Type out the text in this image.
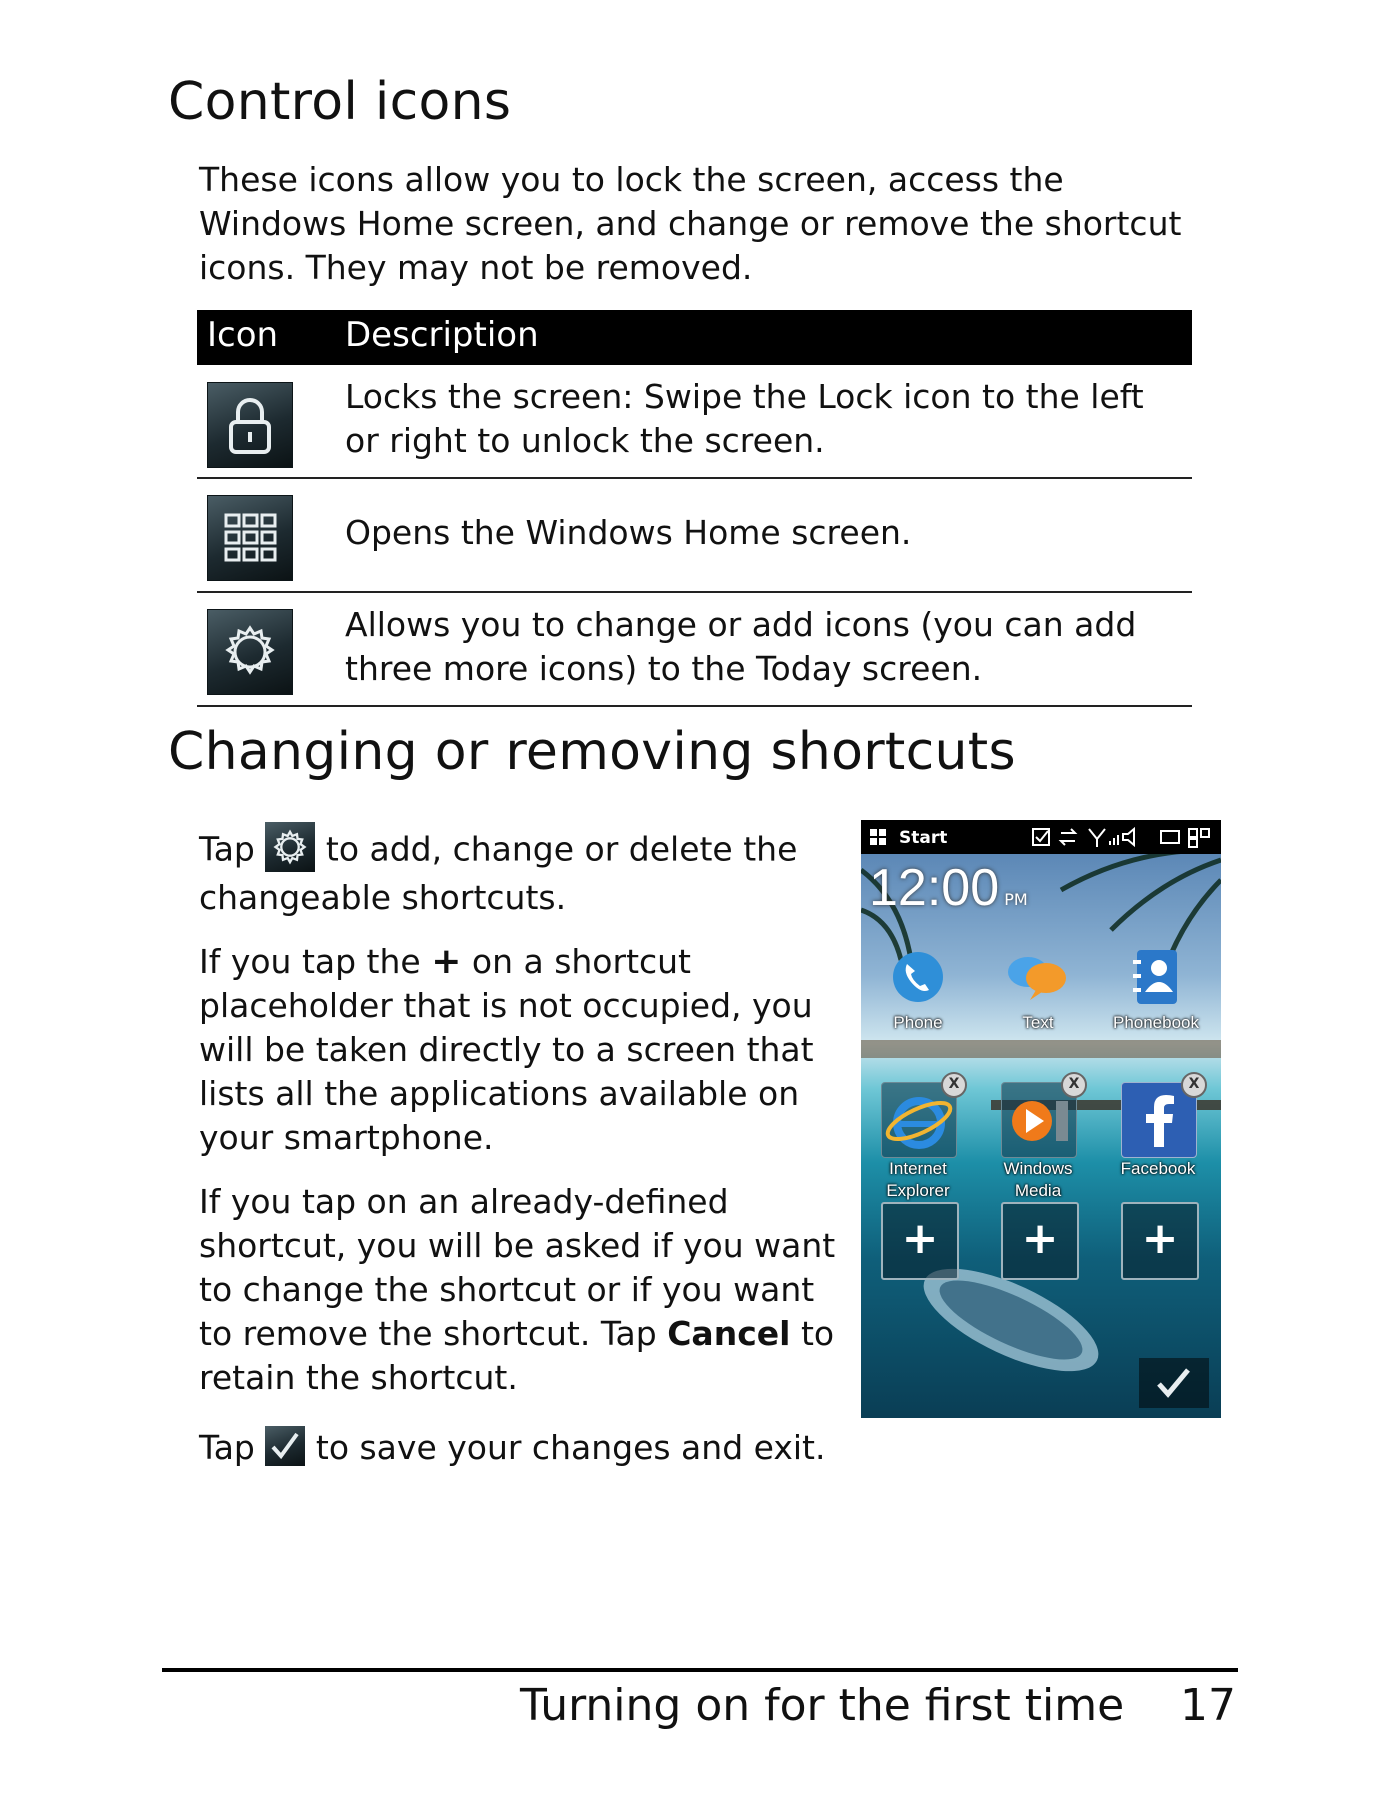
Control icons

These icons allow you to lock the screen, access the Windows Home screen, and change or remove the shortcut icons. They may not be removed.

Icon Description
Locks the screen: Swipe the Lock icon to the left or right to unlock the screen.
Opens the Windows Home screen.
Allows you to change or add icons (you can add three more icons) to the Today screen.
Changing or removing shortcuts

Tap to add, change or delete the changeable shortcuts.

If you tap the + on a shortcut placeholder that is not occupied, you will be taken directly to a screen that lists all the applications available on your smartphone.

If you tap on an already-defined shortcut, you will be asked if you want to change the shortcut or if you want to remove the shortcut. Tap Cancel to retain the shortcut.

Tap to save your changes and exit.

Start
12:00 PM
Phone	Text	Phonebook
X
Internet
Explorer
X
Windows
Media
X
Facebook
+	+	+
Turning on for the first time 17
